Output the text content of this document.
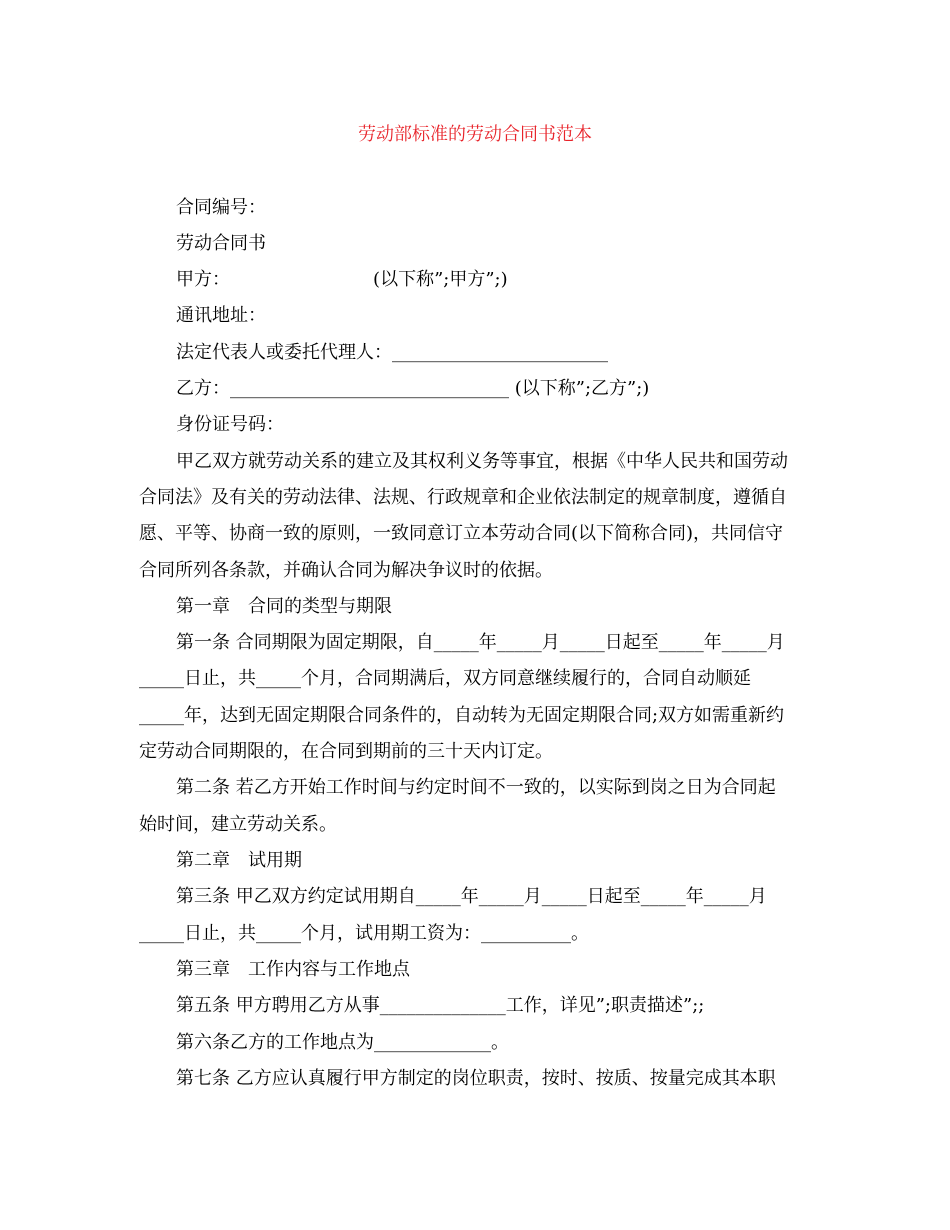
劳动部标准的劳动合同书范本
合同编号：
劳动合同书
甲方：                         (以下称”;甲方”;)
通讯地址：
法定代表人或委托代理人：________________________
乙方：_______________________________ (以下称”;乙方”;)
身份证号码：
甲乙双方就劳动关系的建立及其权利义务等事宜，根据《中华人民共和国劳动
合同法》及有关的劳动法律、法规、行政规章和企业依法制定的规章制度，遵循自
愿、平等、协商一致的原则，一致同意订立本劳动合同(以下简称合同)，共同信守
合同所列各条款，并确认合同为解决争议时的依据。
第一章　合同的类型与期限
第一条 合同期限为固定期限，自_____年_____月_____日起至_____年_____月
_____日止，共_____个月，合同期满后，双方同意继续履行的，合同自动顺延
_____年，达到无固定期限合同条件的，自动转为无固定期限合同;双方如需重新约
定劳动合同期限的，在合同到期前的三十天内订定。
第二条 若乙方开始工作时间与约定时间不一致的，以实际到岗之日为合同起
始时间，建立劳动关系。
第二章　试用期
第三条 甲乙双方约定试用期自_____年_____月_____日起至_____年_____月
_____日止，共_____个月，试用期工资为：__________。
第三章　工作内容与工作地点
第五条 甲方聘用乙方从事______________工作，详见”;职责描述”;;
第六条乙方的工作地点为_____________。
第七条 乙方应认真履行甲方制定的岗位职责，按时、按质、按量完成其本职
